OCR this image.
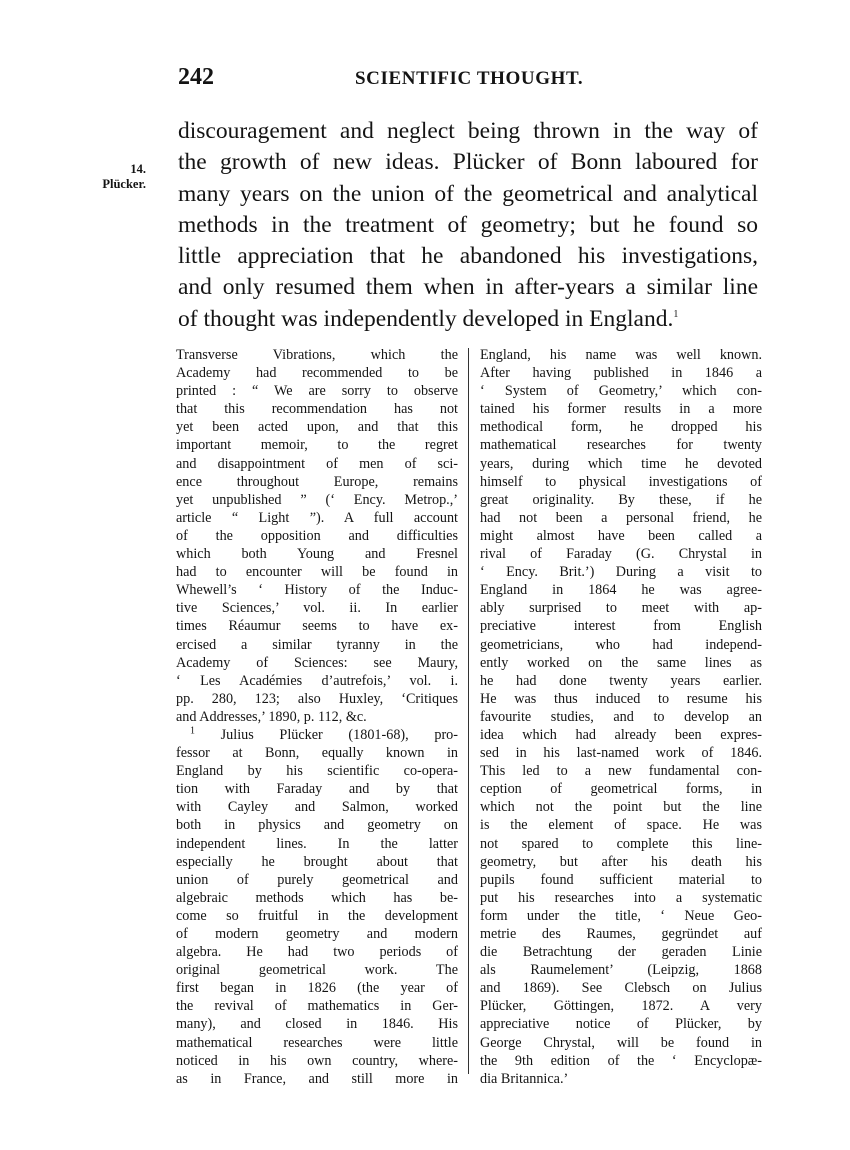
242	SCIENTIFIC THOUGHT.
14.
Plücker.
discouragement and neglect being thrown in the way of
the growth of new ideas. Plücker of Bonn laboured for
many years on the union of the geometrical and analytical
methods in the treatment of geometry; but he found so
little appreciation that he abandoned his investigations,
and only resumed them when in after-years a similar line
of thought was independently developed in England.$^1$
Transverse Vibrations, which the
Academy had recommended to be
printed : “ We are sorry to observe
that this recommendation has not
yet been acted upon, and that this
important memoir, to the regret
and disappointment of men of sci-
ence throughout Europe, remains
yet unpublished ” (‘ Ency. Metrop.,’
article “ Light ”). A full account
of the opposition and difficulties
which both Young and Fresnel
had to encounter will be found in
Whewell’s ‘ History of the Induc-
tive Sciences,’ vol. ii. In earlier
times Réaumur seems to have ex-
ercised a similar tyranny in the
Academy of Sciences: see Maury,
‘ Les Académies d’autrefois,’ vol. i.
pp. 280, 123; also Huxley, ‘Critiques
and Addresses,’ 1890, p. 112, &c.
$^1$ Julius Plücker (1801-68), pro-
fessor at Bonn, equally known in
England by his scientific co-opera-
tion with Faraday and by that
with Cayley and Salmon, worked
both in physics and geometry on
independent lines. In the latter
especially he brought about that
union of purely geometrical and
algebraic methods which has be-
come so fruitful in the development
of modern geometry and modern
algebra. He had two periods of
original geometrical work. The
first began in 1826 (the year of
the revival of mathematics in Ger-
many), and closed in 1846. His
mathematical researches were little
noticed in his own country, where-
as in France, and still more in
England, his name was well known.
After having published in 1846 a
‘ System of Geometry,’ which con-
tained his former results in a more
methodical form, he dropped his
mathematical researches for twenty
years, during which time he devoted
himself to physical investigations of
great originality. By these, if he
had not been a personal friend, he
might almost have been called a
rival of Faraday (G. Chrystal in
‘ Ency. Brit.’) During a visit to
England in 1864 he was agree-
ably surprised to meet with ap-
preciative interest from English
geometricians, who had independ-
ently worked on the same lines as
he had done twenty years earlier.
He was thus induced to resume his
favourite studies, and to develop an
idea which had already been expres-
sed in his last-named work of 1846.
This led to a new fundamental con-
ception of geometrical forms, in
which not the point but the line
is the element of space. He was
not spared to complete this line-
geometry, but after his death his
pupils found sufficient material to
put his researches into a systematic
form under the title, ‘ Neue Geo-
metrie des Raumes, gegründet auf
die Betrachtung der geraden Linie
als Raumelement’ (Leipzig, 1868
and 1869). See Clebsch on Julius
Plücker, Göttingen, 1872. A very
appreciative notice of Plücker, by
George Chrystal, will be found in
the 9th edition of the ‘ Encyclopæ-
dia Britannica.’
